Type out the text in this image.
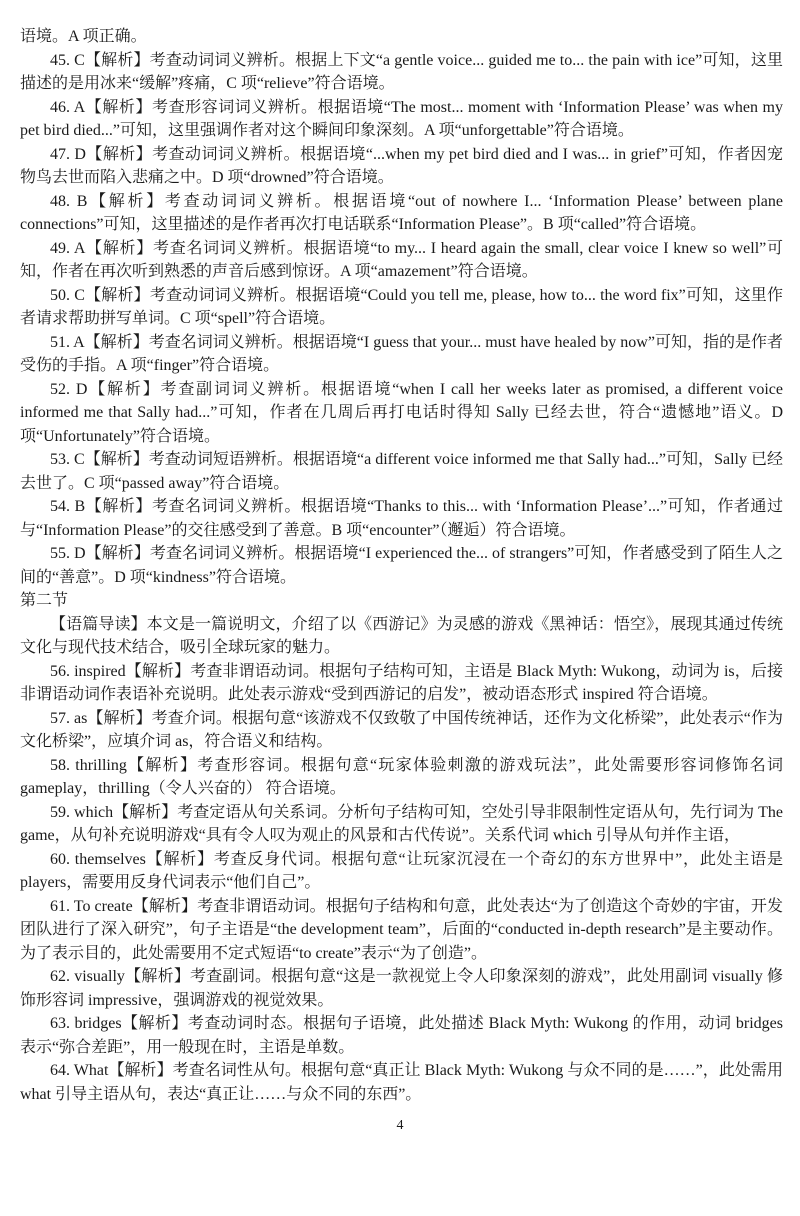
语境。A 项正确。

45. C【解析】考查动词词义辨析。根据上下文“a gentle voice... guided me to... the pain with ice”可知，这里描述的是用冰来“缓解”疼痛，C 项“relieve”符合语境。

46. A【解析】考查形容词词义辨析。根据语境“The most... moment with ‘Information Please’ was when my pet bird died...”可知，这里强调作者对这个瞬间印象深刻。A 项“unforgettable”符合语境。

47. D【解析】考查动词词义辨析。根据语境“...when my pet bird died and I was... in grief”可知，作者因宠物鸟去世而陷入悲痛之中。D 项“drowned”符合语境。

48. B【解析】考查动词词义辨析。根据语境“out of nowhere I... ‘Information Please’ between plane connections”可知，这里描述的是作者再次打电话联系“Information Please”。B 项“called”符合语境。

49. A【解析】考查名词词义辨析。根据语境“to my... I heard again the small, clear voice I knew so well”可知，作者在再次听到熟悉的声音后感到惊讶。A 项“amazement”符合语境。

50. C【解析】考查动词词义辨析。根据语境“Could you tell me, please, how to... the word fix”可知，这里作者请求帮助拼写单词。C 项“spell”符合语境。

51. A【解析】考查名词词义辨析。根据语境“I guess that your... must have healed by now”可知，指的是作者受伤的手指。A 项“finger”符合语境。

52. D【解析】考查副词词义辨析。根据语境“when I call her weeks later as promised, a different voice informed me that Sally had...”可知，作者在几周后再打电话时得知 Sally 已经去世，符合“遗憾地”语义。D 项“Unfortunately”符合语境。

53. C【解析】考查动词短语辨析。根据语境“a different voice informed me that Sally had...”可知，Sally 已经去世了。C 项“passed away”符合语境。

54. B【解析】考查名词词义辨析。根据语境“Thanks to this... with ‘Information Please’...”可知，作者通过与“Information Please”的交往感受到了善意。B 项“encounter”（邂逅）符合语境。

55. D【解析】考查名词词义辨析。根据语境“I experienced the... of strangers”可知，作者感受到了陌生人之间的“善意”。D 项“kindness”符合语境。

第二节

【语篇导读】本文是一篇说明文，介绍了以《西游记》为灵感的游戏《黑神话：悟空》，展现其通过传统文化与现代技术结合，吸引全球玩家的魅力。

56. inspired【解析】考查非谓语动词。根据句子结构可知，主语是 Black Myth: Wukong，动词为 is，后接非谓语动词作表语补充说明。此处表示游戏“受到西游记的启发”，被动语态形式 inspired 符合语境。

57. as【解析】考查介词。根据句意“该游戏不仅致敬了中国传统神话，还作为文化桥梁”，此处表示“作为文化桥梁”，应填介词 as，符合语义和结构。

58. thrilling【解析】考查形容词。根据句意“玩家体验刺激的游戏玩法”，此处需要形容词修饰名词 gameplay，thrilling（令人兴奋的） 符合语境。

59. which【解析】考查定语从句关系词。分析句子结构可知，空处引导非限制性定语从句，先行词为 The game，从句补充说明游戏“具有令人叹为观止的风景和古代传说”。关系代词 which 引导从句并作主语，

60. themselves【解析】考查反身代词。根据句意“让玩家沉浸在一个奇幻的东方世界中”，此处主语是 players，需要用反身代词表示“他们自己”。

61. To create【解析】考查非谓语动词。根据句子结构和句意，此处表达“为了创造这个奇妙的宇宙，开发团队进行了深入研究”，句子主语是“the development team”，后面的“conducted in-depth research”是主要动作。为了表示目的，此处需要用不定式短语“to create”表示“为了创造”。

62. visually【解析】考查副词。根据句意“这是一款视觉上令人印象深刻的游戏”，此处用副词 visually 修饰形容词 impressive，强调游戏的视觉效果。

63. bridges【解析】考查动词时态。根据句子语境，此处描述 Black Myth: Wukong 的作用，动词 bridges 表示“弥合差距”，用一般现在时，主语是单数。

64. What【解析】考查名词性从句。根据句意“真正让 Black Myth: Wukong 与众不同的是……”，此处需用 what 引导主语从句，表达“真正让……与众不同的东西”。

4
